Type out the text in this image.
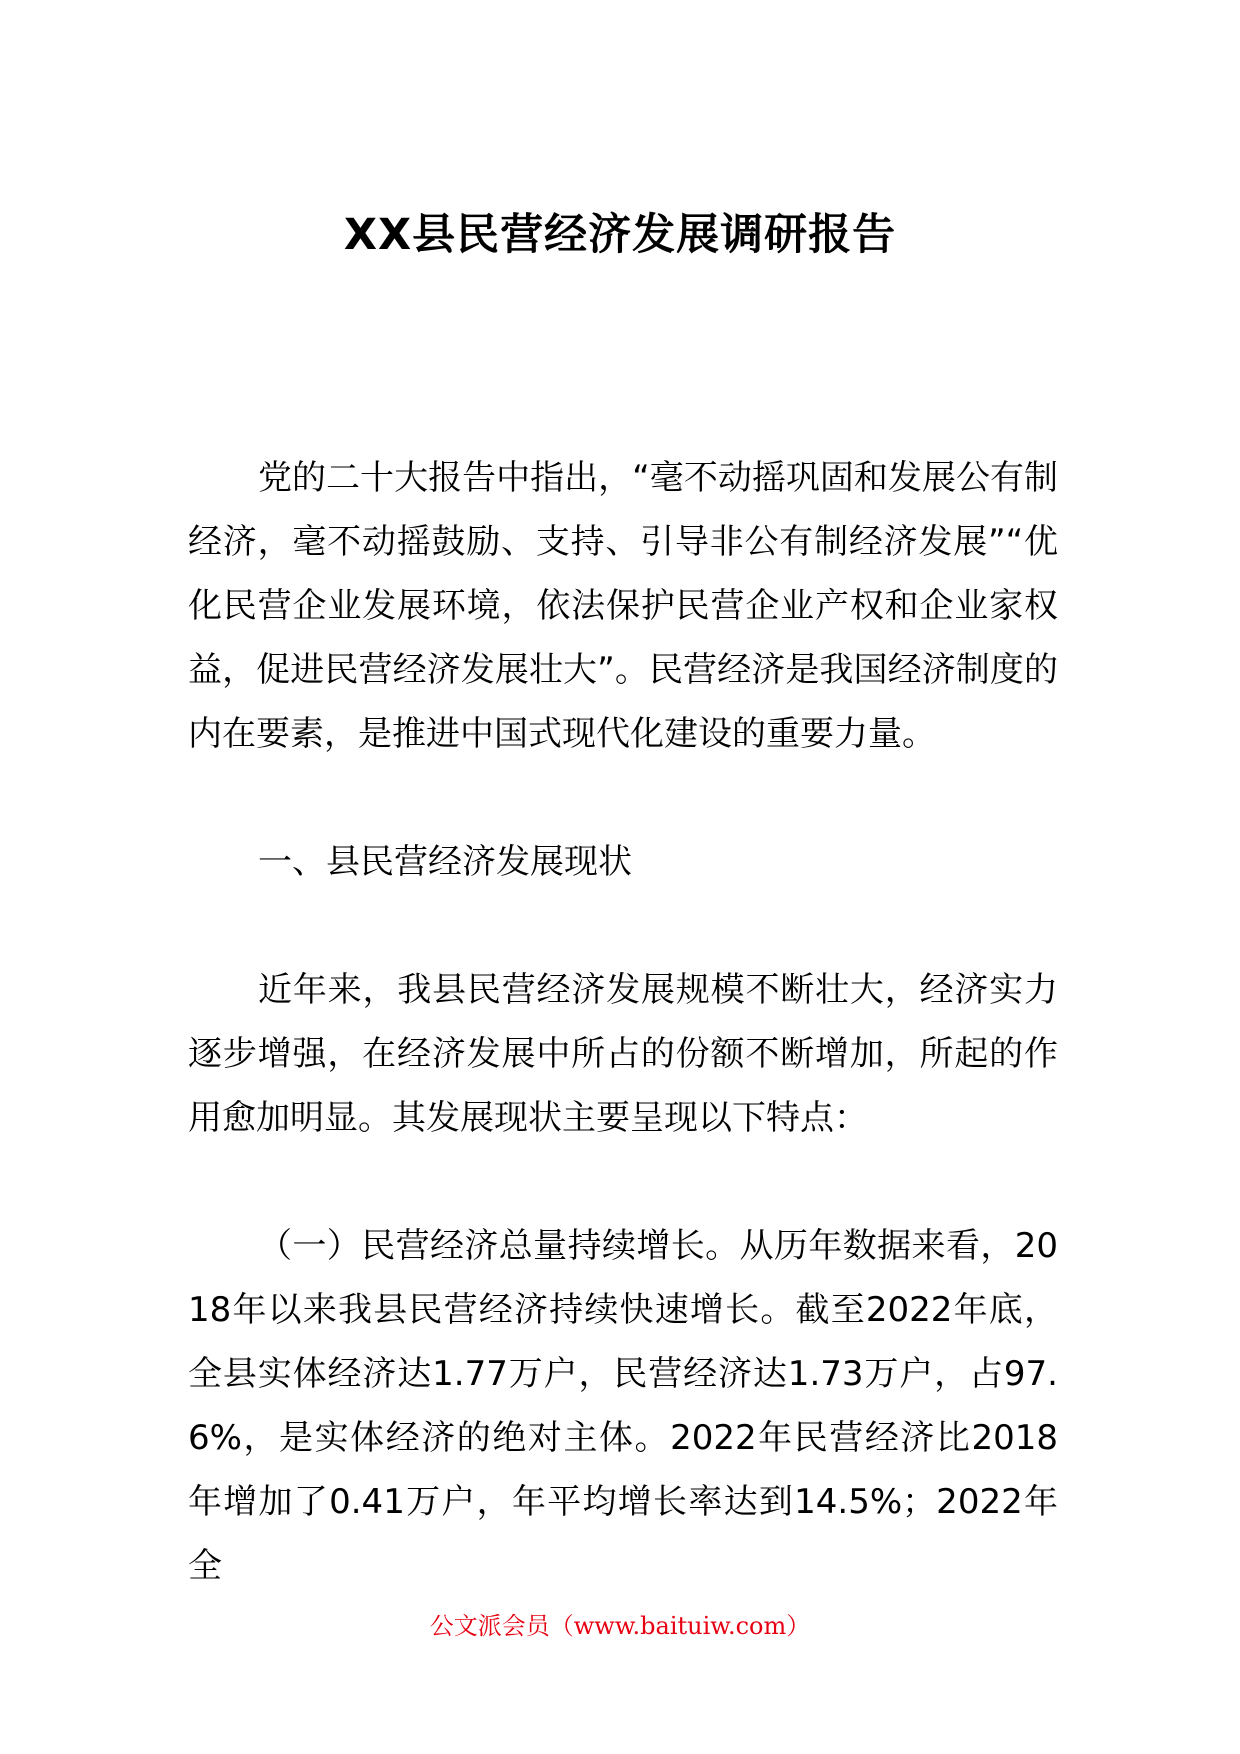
XX县民营经济发展调研报告

党的二十大报告中指出，“毫不动摇巩固和发展公有制经济，毫不动摇鼓励、支持、引导非公有制经济发展”“优化民营企业发展环境，依法保护民营企业产权和企业家权益，促进民营经济发展壮大”。民营经济是我国经济制度的内在要素，是推进中国式现代化建设的重要力量。

一、县民营经济发展现状

近年来，我县民营经济发展规模不断壮大，经济实力逐步增强，在经济发展中所占的份额不断增加，所起的作用愈加明显。其发展现状主要呈现以下特点：

（一）民营经济总量持续增长。从历年数据来看，2018年以来我县民营经济持续快速增长。截至2022年底，全县实体经济达1.77万户，民营经济达1.73万户，占97.6%，是实体经济的绝对主体。2022年民营经济比2018年增加了0.41万户，年平均增长率达到14.5%；2022年全

公文派会员（www.baituiw.com）
